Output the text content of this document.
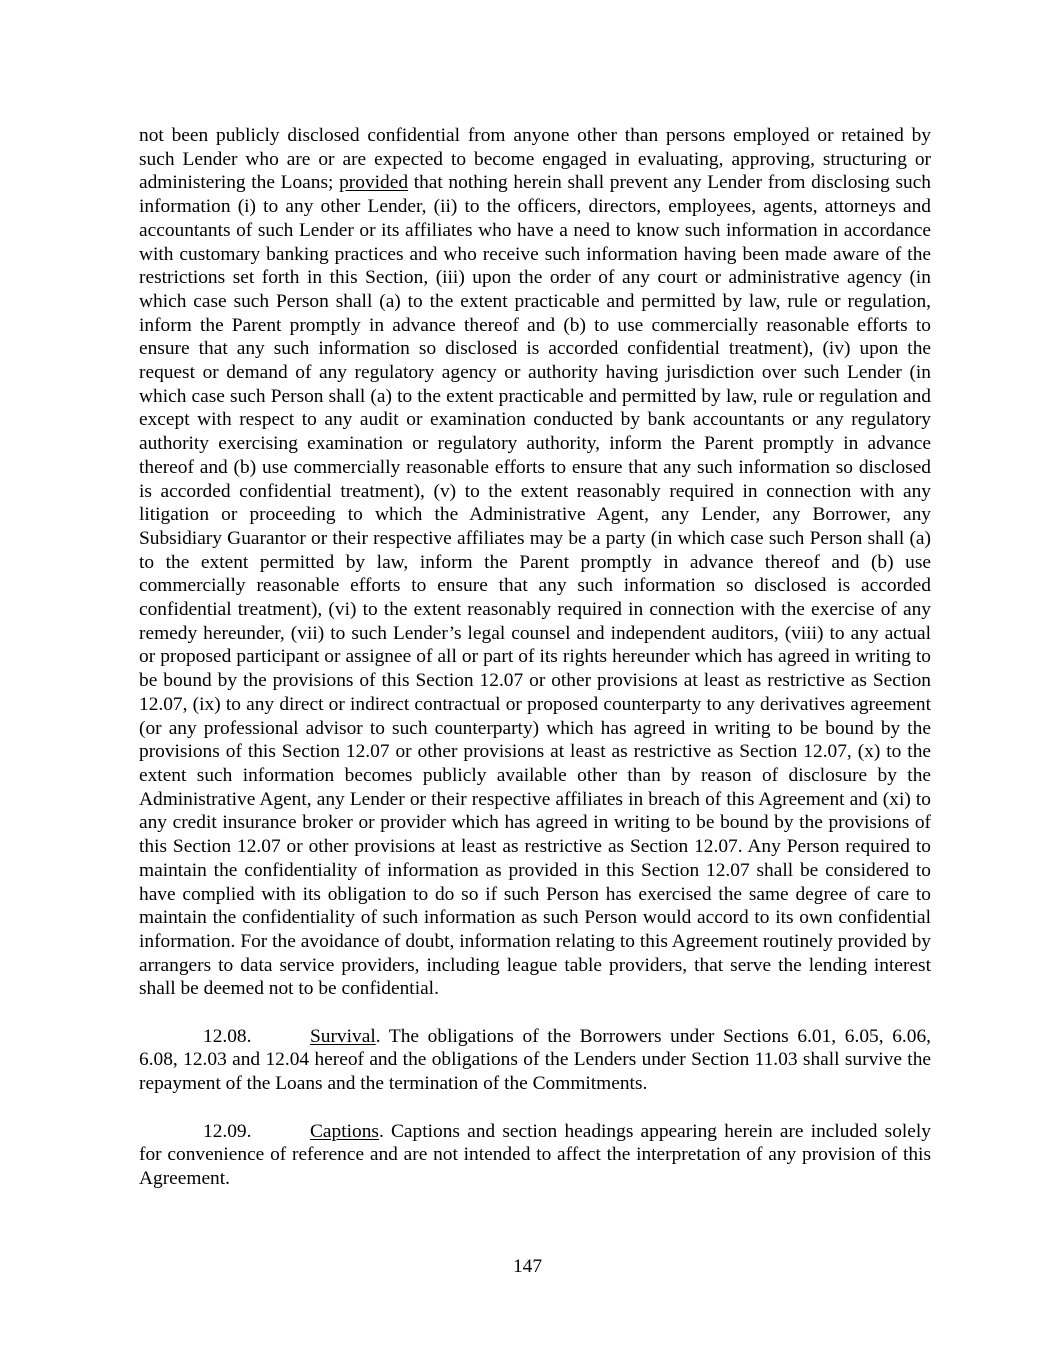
not been publicly disclosed confidential from anyone other than persons employed or retained by such Lender who are or are expected to become engaged in evaluating, approving, structuring or administering the Loans; provided that nothing herein shall prevent any Lender from disclosing such information (i) to any other Lender, (ii) to the officers, directors, employees, agents, attorneys and accountants of such Lender or its affiliates who have a need to know such information in accordance with customary banking practices and who receive such information having been made aware of the restrictions set forth in this Section, (iii) upon the order of any court or administrative agency (in which case such Person shall (a) to the extent practicable and permitted by law, rule or regulation, inform the Parent promptly in advance thereof and (b) to use commercially reasonable efforts to ensure that any such information so disclosed is accorded confidential treatment), (iv) upon the request or demand of any regulatory agency or authority having jurisdiction over such Lender (in which case such Person shall (a) to the extent practicable and permitted by law, rule or regulation and except with respect to any audit or examination conducted by bank accountants or any regulatory authority exercising examination or regulatory authority, inform the Parent promptly in advance thereof and (b) use commercially reasonable efforts to ensure that any such information so disclosed is accorded confidential treatment), (v) to the extent reasonably required in connection with any litigation or proceeding to which the Administrative Agent, any Lender, any Borrower, any Subsidiary Guarantor or their respective affiliates may be a party (in which case such Person shall (a) to the extent permitted by law, inform the Parent promptly in advance thereof and (b) use commercially reasonable efforts to ensure that any such information so disclosed is accorded confidential treatment), (vi) to the extent reasonably required in connection with the exercise of any remedy hereunder, (vii) to such Lender’s legal counsel and independent auditors, (viii) to any actual or proposed participant or assignee of all or part of its rights hereunder which has agreed in writing to be bound by the provisions of this Section 12.07 or other provisions at least as restrictive as Section 12.07, (ix) to any direct or indirect contractual or proposed counterparty to any derivatives agreement (or any professional advisor to such counterparty) which has agreed in writing to be bound by the provisions of this Section 12.07 or other provisions at least as restrictive as Section 12.07, (x) to the extent such information becomes publicly available other than by reason of disclosure by the Administrative Agent, any Lender or their respective affiliates in breach of this Agreement and (xi) to any credit insurance broker or provider which has agreed in writing to be bound by the provisions of this Section 12.07 or other provisions at least as restrictive as Section 12.07. Any Person required to maintain the confidentiality of information as provided in this Section 12.07 shall be considered to have complied with its obligation to do so if such Person has exercised the same degree of care to maintain the confidentiality of such information as such Person would accord to its own confidential information. For the avoidance of doubt, information relating to this Agreement routinely provided by arrangers to data service providers, including league table providers, that serve the lending interest shall be deemed not to be confidential.

12.08.	Survival. The obligations of the Borrowers under Sections 6.01, 6.05, 6.06, 6.08, 12.03 and 12.04 hereof and the obligations of the Lenders under Section 11.03 shall survive the repayment of the Loans and the termination of the Commitments.

12.09.	Captions. Captions and section headings appearing herein are included solely for convenience of reference and are not intended to affect the interpretation of any provision of this Agreement.

147
